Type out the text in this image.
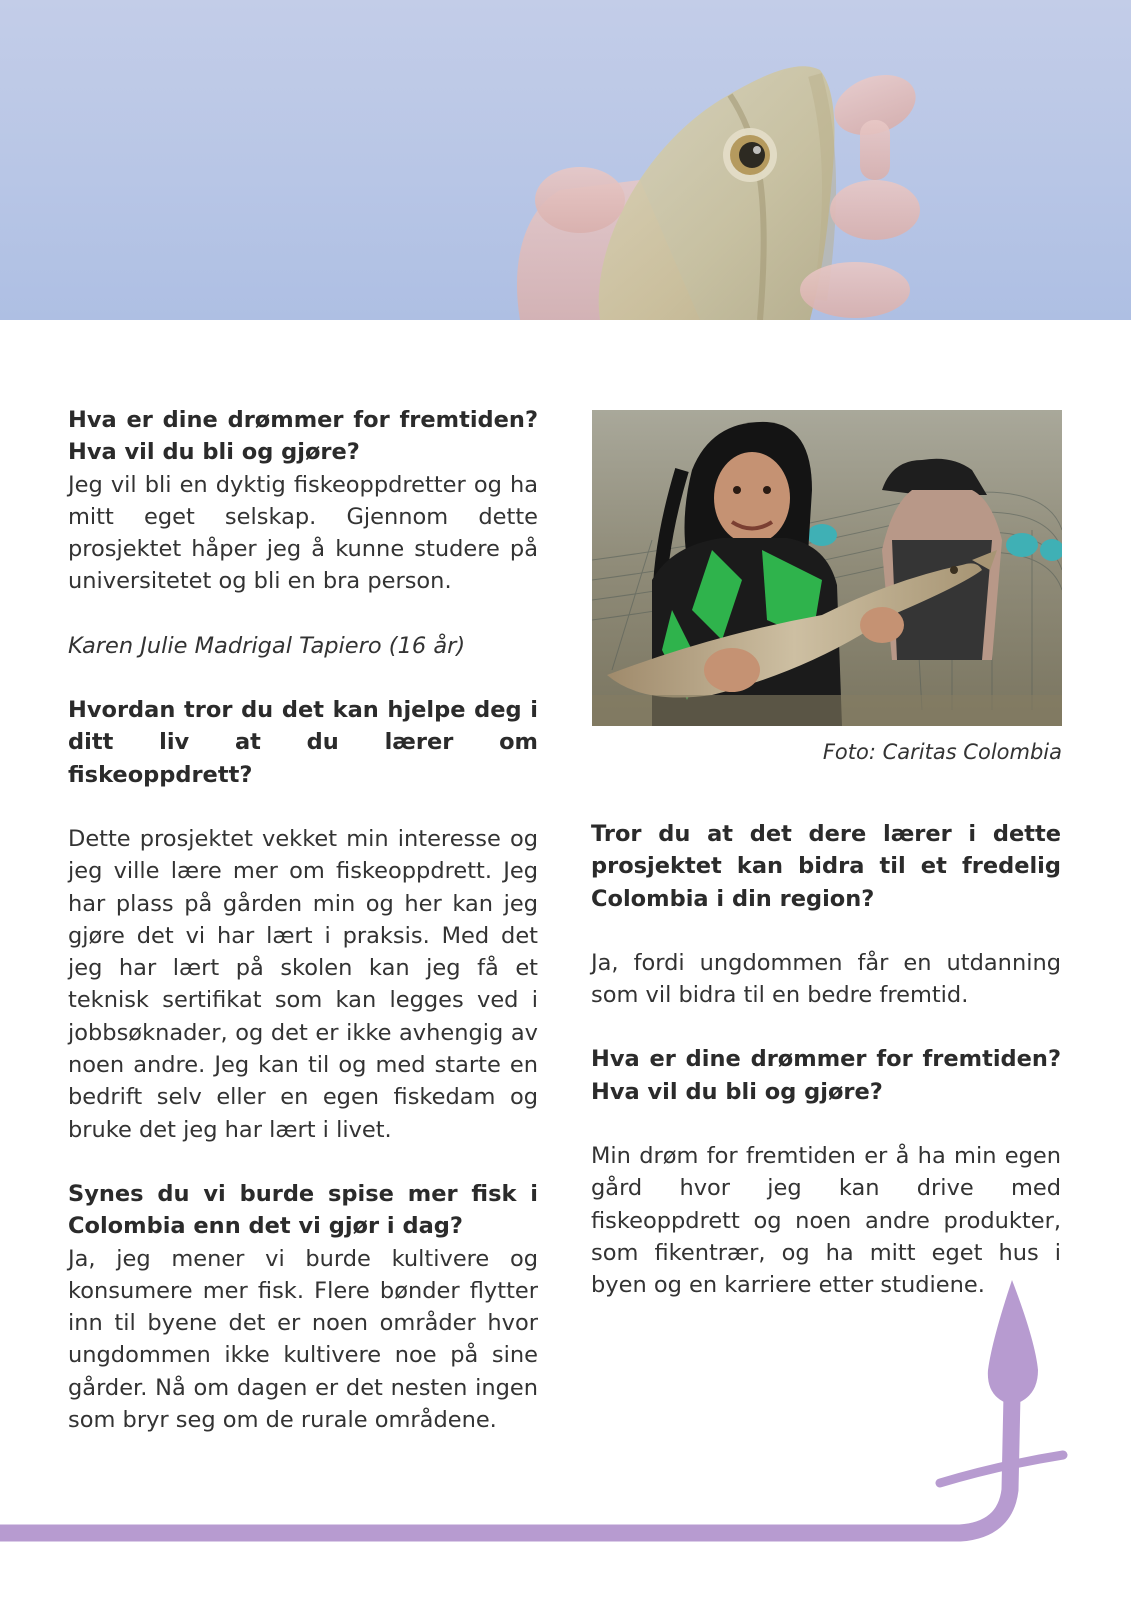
Hva er dine drømmer for fremtiden? Hva vil du bli og gjøre?

Jeg vil bli en dyktig fiskeoppdretter og ha mitt eget selskap. Gjennom dette prosjektet håper jeg å kunne studere på universitetet og bli en bra person.

Karen Julie Madrigal Tapiero (16 år)

Hvordan tror du det kan hjelpe deg i ditt liv at du lærer om fiskeoppdrett?

Dette prosjektet vekket min interesse og jeg ville lære mer om fiskeoppdrett. Jeg har plass på gården min og her kan jeg gjøre det vi har lært i praksis. Med det jeg har lært på skolen kan jeg få et teknisk sertifikat som kan legges ved i jobbsøknader, og det er ikke avhengig av noen andre. Jeg kan til og med starte en bedrift selv eller en egen fiskedam og bruke det jeg har lært i livet.

Synes du vi burde spise mer fisk i Colombia enn det vi gjør i dag?

Ja, jeg mener vi burde kultivere og konsumere mer fisk. Flere bønder flytter inn til byene det er noen områder hvor ungdommen ikke kultivere noe på sine gårder. Nå om dagen er det nesten ingen som bryr seg om de rurale områdene.

Foto: Caritas Colombia

Tror du at det dere lærer i dette prosjektet kan bidra til et fredelig Colombia i din region?

Ja, fordi ungdommen får en utdanning som vil bidra til en bedre fremtid.

Hva er dine drømmer for fremtiden? Hva vil du bli og gjøre?

Min drøm for fremtiden er å ha min egen gård hvor jeg kan drive med fiskeoppdrett og noen andre produkter, som fikentrær, og ha mitt eget hus i byen og en karriere etter studiene.
